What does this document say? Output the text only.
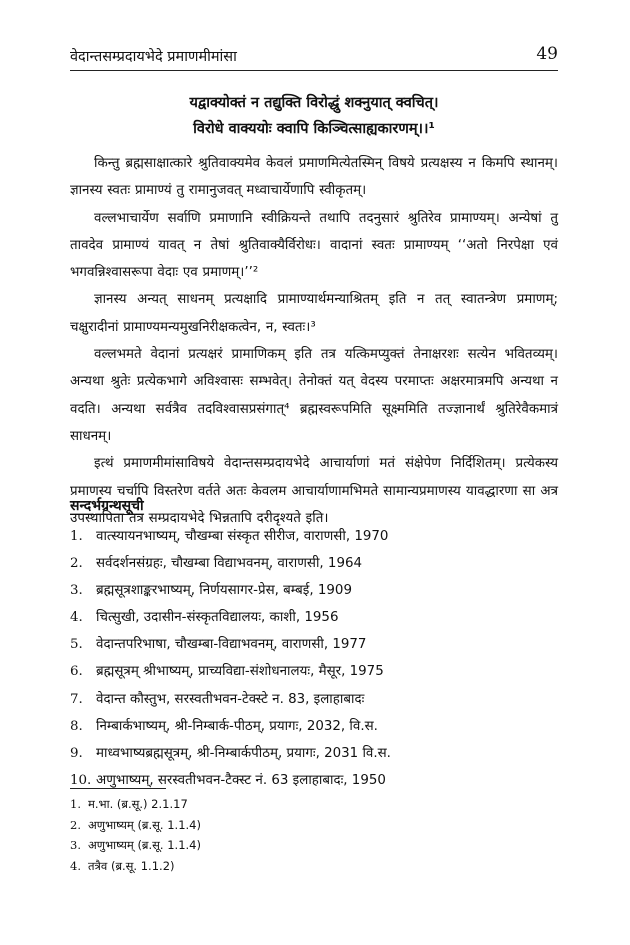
वेदान्तसम्प्रदायभेदे प्रमाणमीमांसा	49
यद्वाक्योक्तं न तद्युक्ति विरोद्धुं शक्नुयात् क्वचित्।
विरोधे वाक्ययोः क्वापि किञ्चित्साह्यकारणम्।।¹

किन्तु ब्रह्मसाक्षात्कारे श्रुतिवाक्यमेव केवलं प्रमाणमित्येतस्मिन् विषये प्रत्यक्षस्य न किमपि स्थानम्। ज्ञानस्य स्वतः प्रामाण्यं तु रामानुजवत् मध्वाचार्येणापि स्वीकृतम्।

वल्लभाचार्येण सर्वाणि प्रमाणानि स्वीक्रियन्ते तथापि तदनुसारं श्रुतिरेव प्रामाण्यम्। अन्येषां तु तावदेव प्रामाण्यं यावत् न तेषां श्रुतिवाक्यैर्विरोधः। वादानां स्वतः प्रामाण्यम् ‘‘अतो निरपेक्षा एवं भगवन्निश्वासरूपा वेदाः एव प्रमाणम्।’’²

ज्ञानस्य अन्यत् साधनम् प्रत्यक्षादि प्रामाण्यार्थमन्याश्रितम् इति न तत् स्वातन्त्रेण प्रमाणम्; चक्षुरादीनां प्रामाण्यमन्यमुखनिरीक्षकत्वेन, न, स्वतः।³

वल्लभमते वेदानां प्रत्यक्षरं प्रामाणिकम् इति तत्र यत्किमप्युक्तं तेनाक्षरशः सत्येन भवितव्यम्। अन्यथा श्रुतेः प्रत्येकभागे अविश्वासः सम्भवेत्। तेनोक्तं यत् वेदस्य परमाप्तः अक्षरमात्रमपि अन्यथा न वदति। अन्यथा सर्वत्रैव तदविश्वासप्रसंगात्⁴ ब्रह्मस्वरूपमिति सूक्ष्ममिति तज्ज्ञानार्थं श्रुतिरेवैकमात्रं साधनम्।

इत्थं प्रमाणमीमांसाविषये वेदान्तसम्प्रदायभेदे आचार्याणां मतं संक्षेपेण निर्दिशितम्। प्रत्येकस्य प्रमाणस्य चर्चापि विस्तरेण वर्तते अतः केवलम आचार्याणामभिमते सामान्यप्रमाणस्य यावद्धारणा सा अत्र उपस्थापिता तत्र सम्प्रदायभेदे भिन्नतापि दरीदृश्यते इति।

सन्दर्भग्रन्थसूची
1. वात्स्यायनभाष्यम्, चौखम्बा संस्कृत सीरीज, वाराणसी, 1970
2. सर्वदर्शनसंग्रहः, चौखम्बा विद्याभवनम्, वाराणसी, 1964
3. ब्रह्मसूत्रशाङ्करभाष्यम्, निर्णयसागर-प्रेस, बम्बई, 1909
4. चित्सुखी, उदासीन-संस्कृतविद्यालयः, काशी, 1956
5. वेदान्तपरिभाषा, चौखम्बा-विद्याभवनम्, वाराणसी, 1977
6. ब्रह्मसूत्रम् श्रीभाष्यम्, प्राच्यविद्या-संशोधनालयः, मैसूर, 1975
7. वेदान्त कौस्तुभ, सरस्वतीभवन-टेक्स्टे न. 83, इलाहाबादः
8. निम्बार्कभाष्यम्, श्री-निम्बार्क-पीठम्, प्रयागः, 2032, वि.स.
9. माध्वभाष्यब्रह्मसूत्रम्, श्री-निम्बार्कपीठम्, प्रयागः, 2031 वि.स.
10. अणुभाष्यम्, सरस्वतीभवन-टैक्स्ट नं. 63 इलाहाबादः, 1950
1. म.भा. (ब्र.सू.) 2.1.17
2. अणुभाष्यम् (ब्र.सू. 1.1.4)
3. अणुभाष्यम् (ब्र.सू. 1.1.4)
4. तत्रैव (ब्र.सू. 1.1.2)
